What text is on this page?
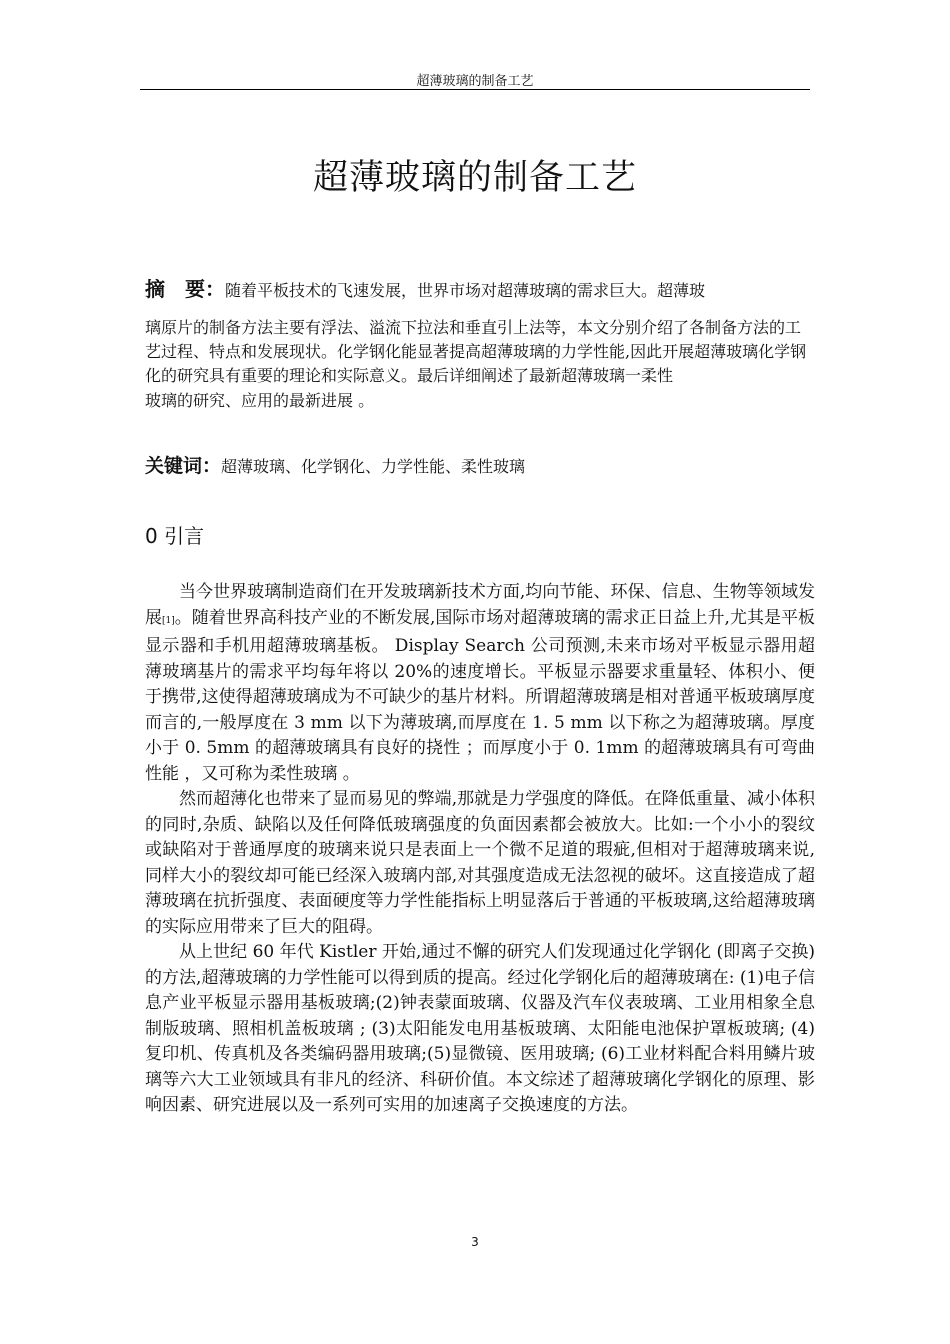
超薄玻璃的制备工艺
超薄玻璃的制备工艺

摘　要：随着平板技术的飞速发展，世界市场对超薄玻璃的需求巨大。超薄玻

璃原片的制备方法主要有浮法、溢流下拉法和垂直引上法等，本文分别介绍了各制备方法的工艺过程、特点和发展现状。化学钢化能显著提高超薄玻璃的力学性能,因此开展超薄玻璃化学钢化的研究具有重要的理论和实际意义。最后详细阐述了最新超薄玻璃一柔性

玻璃的研究、应用的最新进展 。

关键词：超薄玻璃、化学钢化、力学性能、柔性玻璃
0 引言

当今世界玻璃制造商们在开发玻璃新技术方面,均向节能、环保、信息、生物等领域发展[1]。随着世界高科技产业的不断发展,国际市场对超薄玻璃的需求正日益上升,尤其是平板显示器和手机用超薄玻璃基板。 Display Search 公司预测,未来市场对平板显示器用超薄玻璃基片的需求平均每年将以 20%的速度增长。平板显示器要求重量轻、体积小、便于携带,这使得超薄玻璃成为不可缺少的基片材料。所谓超薄玻璃是相对普通平板玻璃厚度而言的,一般厚度在 3 mm 以下为薄玻璃,而厚度在 1. 5 mm 以下称之为超薄玻璃。厚度小于 0. 5mm 的超薄玻璃具有良好的挠性 ；而厚度小于 0. 1mm 的超薄玻璃具有可弯曲性能 ，又可称为柔性玻璃 。

然而超薄化也带来了显而易见的弊端,那就是力学强度的降低。在降低重量、减小体积的同时,杂质、缺陷以及任何降低玻璃强度的负面因素都会被放大。比如:一个小小的裂纹或缺陷对于普通厚度的玻璃来说只是表面上一个微不足道的瑕疵,但相对于超薄玻璃来说,同样大小的裂纹却可能已经深入玻璃内部,对其强度造成无法忽视的破坏。这直接造成了超薄玻璃在抗折强度、表面硬度等力学性能指标上明显落后于普通的平板玻璃,这给超薄玻璃的实际应用带来了巨大的阻碍。

从上世纪 60 年代 Kistler 开始,通过不懈的研究人们发现通过化学钢化 (即离子交换)的方法,超薄玻璃的力学性能可以得到质的提高。经过化学钢化后的超薄玻璃在: (1)电子信息产业平板显示器用基板玻璃;(2)钟表蒙面玻璃、仪器及汽车仪表玻璃、工业用相象全息制版玻璃、照相机盖板玻璃 ; (3)太阳能发电用基板玻璃、太阳能电池保护罩板玻璃; (4)复印机、传真机及各类编码器用玻璃;(5)显微镜、医用玻璃; (6)工业材料配合料用鳞片玻璃等六大工业领域具有非凡的经济、科研价值。本文综述了超薄玻璃化学钢化的原理、影响因素、研究进展以及一系列可实用的加速离子交换速度的方法。

3
